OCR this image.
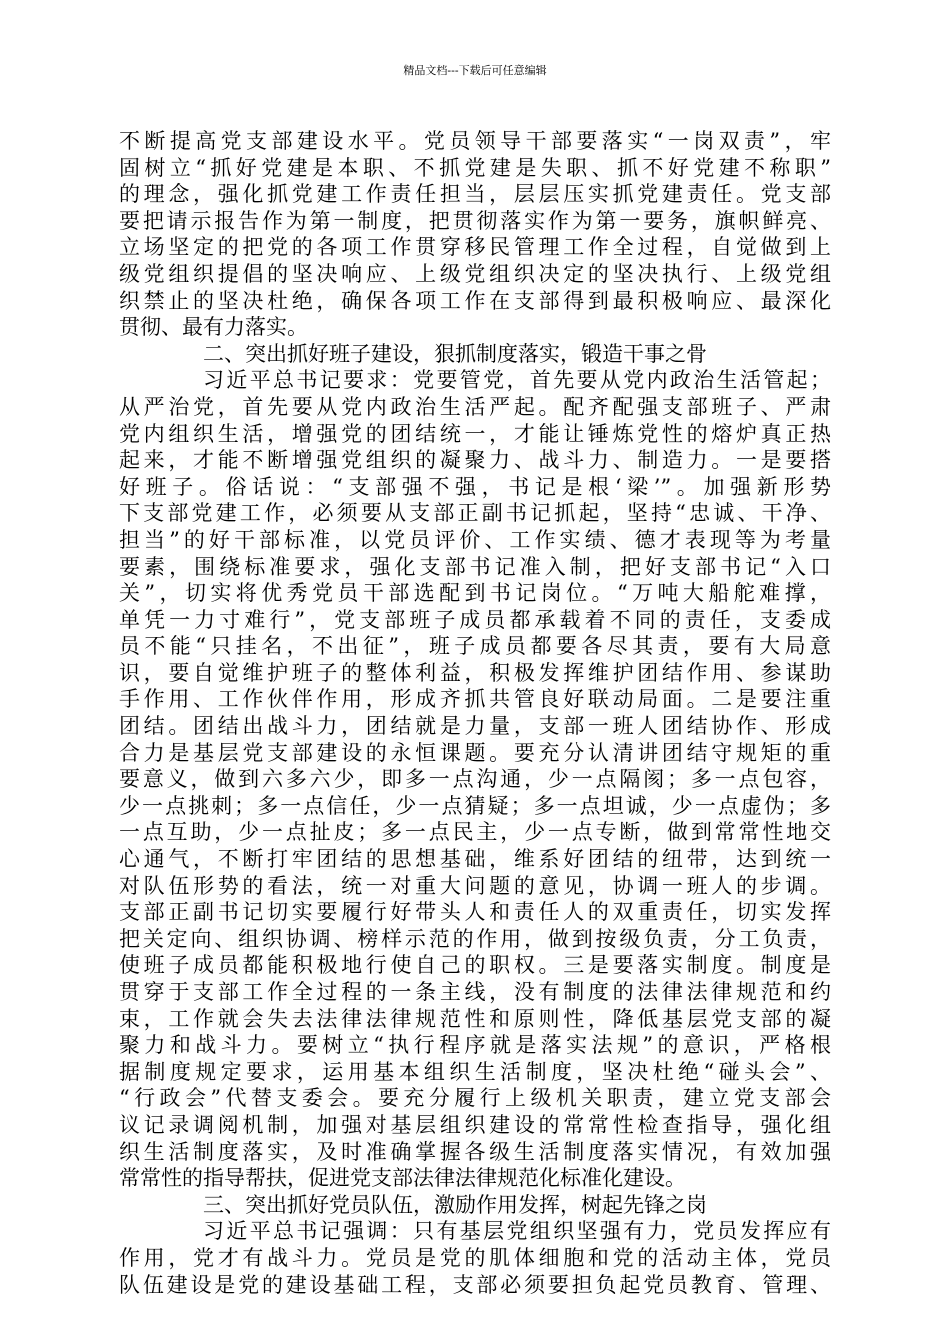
精品文档---下载后可任意编辑
不断提高党支部建设水平。党员领导干部要落实“一岗双责”，牢
固树立“抓好党建是本职、不抓党建是失职、抓不好党建不称职”
的理念，强化抓党建工作责任担当，层层压实抓党建责任。党支部
要把请示报告作为第一制度，把贯彻落实作为第一要务，旗帜鲜亮、
立场坚定的把党的各项工作贯穿移民管理工作全过程，自觉做到上
级党组织提倡的坚决响应、上级党组织决定的坚决执行、上级党组
织禁止的坚决杜绝，确保各项工作在支部得到最积极响应、最深化
贯彻、最有力落实。
二、突出抓好班子建设，狠抓制度落实，锻造干事之骨
习近平总书记要求：党要管党，首先要从党内政治生活管起；
从严治党，首先要从党内政治生活严起。配齐配强支部班子、严肃
党内组织生活，增强党的团结统一，才能让锤炼党性的熔炉真正热
起来，才能不断增强党组织的凝聚力、战斗力、制造力。一是要搭
好班子。俗话说：“支部强不强，书记是根‘梁’”。加强新形势
下支部党建工作，必须要从支部正副书记抓起，坚持“忠诚、干净、
担当”的好干部标准，以党员评价、工作实绩、德才表现等为考量
要素，围绕标准要求，强化支部书记准入制，把好支部书记“入口
关”，切实将优秀党员干部选配到书记岗位。“万吨大船舵难撑，
单凭一力寸难行”，党支部班子成员都承载着不同的责任，支委成
员不能“只挂名，不出征”，班子成员都要各尽其责，要有大局意
识，要自觉维护班子的整体利益，积极发挥维护团结作用、参谋助
手作用、工作伙伴作用，形成齐抓共管良好联动局面。二是要注重
团结。团结出战斗力，团结就是力量，支部一班人团结协作、形成
合力是基层党支部建设的永恒课题。要充分认清讲团结守规矩的重
要意义，做到六多六少，即多一点沟通，少一点隔阂；多一点包容，
少一点挑刺；多一点信任，少一点猜疑；多一点坦诚，少一点虚伪；多
一点互助，少一点扯皮；多一点民主，少一点专断，做到常常性地交
心通气，不断打牢团结的思想基础，维系好团结的纽带，达到统一
对队伍形势的看法，统一对重大问题的意见，协调一班人的步调。
支部正副书记切实要履行好带头人和责任人的双重责任，切实发挥
把关定向、组织协调、榜样示范的作用，做到按级负责，分工负责，
使班子成员都能积极地行使自己的职权。三是要落实制度。制度是
贯穿于支部工作全过程的一条主线，没有制度的法律法律规范和约
束，工作就会失去法律法律规范性和原则性，降低基层党支部的凝
聚力和战斗力。要树立“执行程序就是落实法规”的意识，严格根
据制度规定要求，运用基本组织生活制度，坚决杜绝“碰头会”、
“行政会”代替支委会。要充分履行上级机关职责，建立党支部会
议记录调阅机制，加强对基层组织建设的常常性检查指导，强化组
织生活制度落实，及时准确掌握各级生活制度落实情况，有效加强
常常性的指导帮扶，促进党支部法律法律规范化标准化建设。
三、突出抓好党员队伍，激励作用发挥，树起先锋之岗
习近平总书记强调：只有基层党组织坚强有力，党员发挥应有
作用，党才有战斗力。党员是党的肌体细胞和党的活动主体，党员
队伍建设是党的建设基础工程，支部必须要担负起党员教育、管理、
